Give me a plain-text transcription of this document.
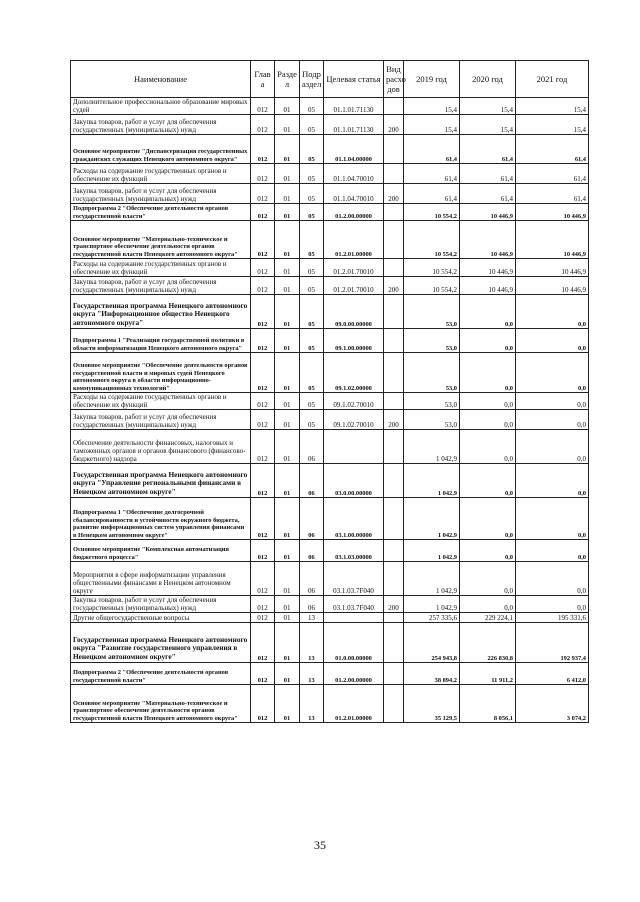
Наименование	Глав а	Разде л	Подр аздел	Целевая статья	Вид расхо дов	2019 год	2020 год	2021 год
Дополнительное профессиональное образование мировых судей	012	01	05	01.1.01.71130		15,4	15,4	15,4
Закупка товаров, работ и услуг для обеспечения государственных (муниципальных) нужд	012	01	05	01.1.01.71130	200	15,4	15,4	15,4
Основное мероприятие "Диспансеризация государственных гражданских служащих Ненецкого автономного округа"	012	01	05	01.1.04.00000		61,4	61,4	61,4
Расходы на содержание государственных органов и обеспечение их функций	012	01	05	01.1.04.70010		61,4	61,4	61,4
Закупка товаров, работ и услуг для обеспечения государственных (муниципальных) нужд	012	01	05	01.1.04.70010	200	61,4	61,4	61,4
Подпрограмма 2 "Обеспечение деятельности органов государственной власти"	012	01	05	01.2.00.00000		10 554,2	10 446,9	10 446,9
Основное мероприятие "Материально-техническое и транспортное обеспечение деятельности органов государственной власти Ненецкого автономного округа"	012	01	05	01.2.01.00000		10 554,2	10 446,9	10 446,9
Расходы на содержание государственных органов и обеспечение их функций	012	01	05	01.2.01.70010		10 554,2	10 446,9	10 446,9
Закупка товаров, работ и услуг для обеспечения государственных (муниципальных) нужд	012	01	05	01.2.01.70010	200	10 554,2	10 446,9	10 446,9
Государственная программа Ненецкого автономного округа "Информационное общество Ненецкого автономного округа"	012	01	05	09.0.00.00000		53,0	0,0	0,0
Подпрограмма 1 "Реализация государственной политики в области информатизации Ненецкого автономного округа"	012	01	05	09.1.00.00000		53,0	0,0	0,0
Основное мероприятие "Обеспечение деятельности органов государственной власти и мировых судей Ненецкого автономного округа в области информационно-коммуникационных технологий"	012	01	05	09.1.02.00000		53,0	0,0	0,0
Расходы на содержание государственных органов и обеспечение их функций	012	01	05	09.1.02.70010		53,0	0,0	0,0
Закупка товаров, работ и услуг для обеспечения государственных (муниципальных) нужд	012	01	05	09.1.02.70010	200	53,0	0,0	0,0
Обеспечение деятельности финансовых, налоговых и таможенных органов и органов финансового (финансово-бюджетного) надзора	012	01	06			1 042,9	0,0	0,0
Государственная программа Ненецкого автономного округа "Управление региональными финансами в Ненецком автономном округе"	012	01	06	03.0.00.00000		1 042,9	0,0	0,0
Подпрограмма 1 "Обеспечение долгосрочной сбалансированности и устойчивости окружного бюджета, развитие информационных систем управления финансами в Ненецком автономном округе"	012	01	06	03.1.00.00000		1 042,9	0,0	0,0
Основное мероприятие "Комплексная автоматизация бюджетного процесса"	012	01	06	03.1.03.00000		1 042,9	0,0	0,0
Мероприятия в сфере информатизации управления общественными финансами в Ненецком автономном округе	012	01	06	03.1.03.7F040		1 042,9	0,0	0,0
Закупка товаров, работ и услуг для обеспечения государственных (муниципальных) нужд	012	01	06	03.1.03.7F040	200	1 042,9	0,0	0,0
Другие общегосударственные вопросы	012	01	13			257 335,6	229 224,1	195 331,6
Государственная программа Ненецкого автономного округа "Развитие государственного управления в Ненецком автономном округе"	012	01	13	01.0.00.00000		254 943,8	226 830,8	192 937,4
Подпрограмма 2 "Обеспечение деятельности органов государственной власти"	012	01	13	01.2.00.00000		38 894,2	11 911,2	6 412,0
Основное мероприятие "Материально-техническое и транспортное обеспечение деятельности органов государственной власти Ненецкого автономного округа"	012	01	13	01.2.01.00000		35 129,5	8 056,1	3 074,2
35
